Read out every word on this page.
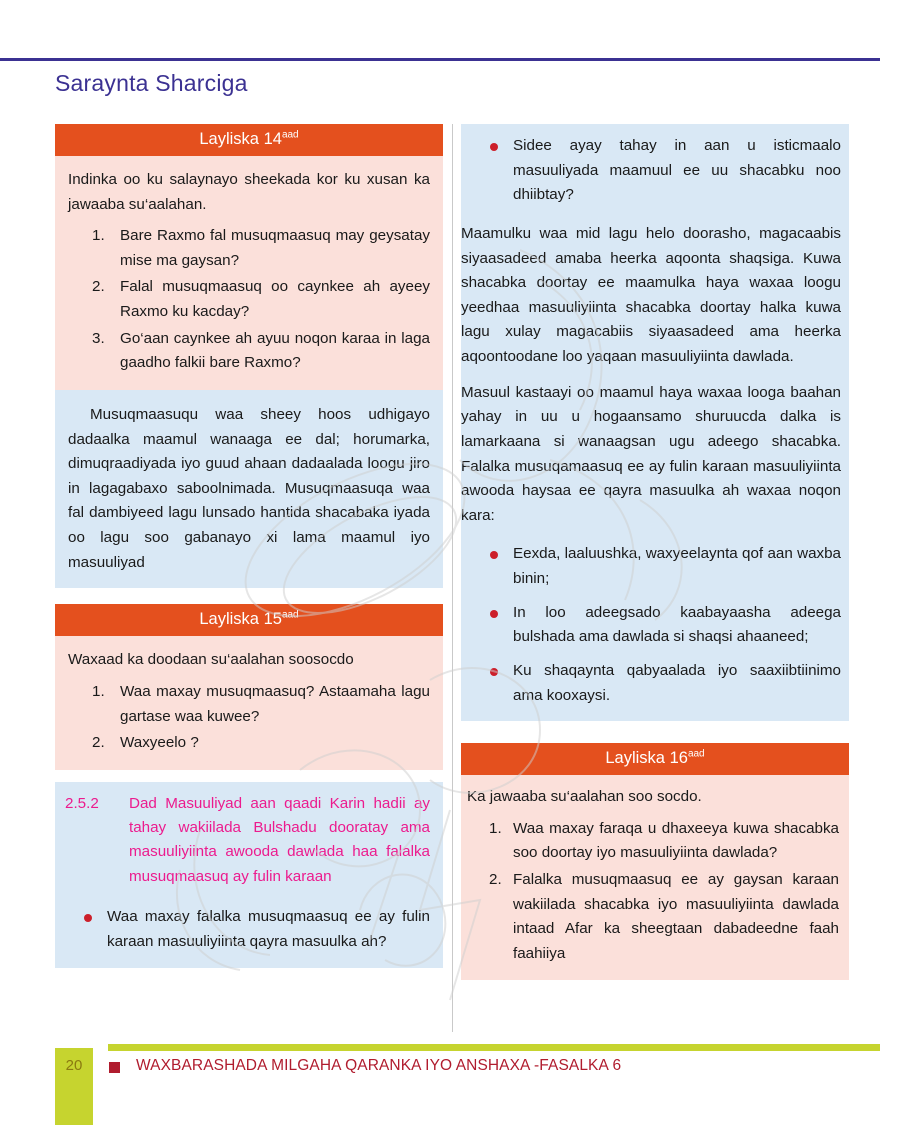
Saraynta Sharciga
Layliska $14^{aad}$

Indinka oo ku salaynayo sheekada kor ku xusan ka jawaaba su‘aalahan.

Bare Raxmo fal musuqmaasuq may geysatay mise ma gaysan?
Falal musuqmaasuq oo caynkee ah ayeey Raxmo ku kacday?
Go‘aan caynkee ah ayuu noqon karaa in laga gaadho falkii bare Raxmo?

Musuqmaasuqu waa sheey hoos udhigayo dadaalka maamul wanaaga ee dal; horumarka, dimuqraadiyada iyo guud ahaan dadaalada loogu jiro in lagagabaxo saboolnimada. Musuqmaasuqa waa fal dambiyeed lagu lunsado hantida shacabaka iyada oo lagu soo gabanayo xi lama maamul iyo masuuliyad

Layliska $15^{aad}$

Waxaad ka doodaan su‘aalahan soosocdo

Waa maxay musuqmaasuq? Astaamaha lagu gartase waa kuwee?
Waxyeelo ?
2.5.2	Dad Masuuliyad aan qaadi Karin hadii ay tahay wakiilada Bulshadu dooratay ama masuuliyiinta awooda dawlada haa falalka musuqmaasuq ay fulin karaan
Waa maxay falalka musuqmaasuq ee ay fulin karaan masuuliyiinta qayra masuulka ah?
Sidee ayay tahay in aan u isticmaalo masuuliyada maamuul ee uu shacabku noo dhiibtay?

Maamulku waa mid lagu helo doorasho, magacaabis siyaasadeed amaba heerka aqoonta shaqsiga. Kuwa shacabka doortay ee maamulka haya waxaa loogu yeedhaa masuuliyiinta shacabka doortay halka kuwa lagu xulay magacabiis siyaasadeed ama heerka aqoontoodane loo yaqaan masuuliyiinta dawlada.

Masuul kastaayi oo maamul haya waxaa looga baahan yahay in uu u hogaansamo shuruucda dalka is lamarkaana si wanaagsan ugu adeego shacabka. Falalka musuqamaasuq ee ay fulin karaan masuuliyiinta awooda haysaa ee qayra masuulka ah waxaa noqon kara:

Eexda, laaluushka, waxyeelaynta qof aan waxba binin;
In loo adeegsado kaabayaasha adeega bulshada ama dawlada si shaqsi ahaaneed;
Ku shaqaynta qabyaalada iyo saaxiibtiinimo ama kooxaysi.
Layliska $16^{aad}$

Ka jawaaba su‘aalahan soo socdo.

Waa maxay faraqa u dhaxeeya kuwa shacabka soo doortay iyo masuuliyiinta dawlada?
Falalka musuqmaasuq ee ay gaysan karaan wakiilada shacabka iyo masuuliyiinta dawlada intaad Afar ka sheegtaan dabadeedne faah faahiiya
20	WAXBARASHADA MILGAHA QARANKA IYO ANSHAXA -FASALKA 6
